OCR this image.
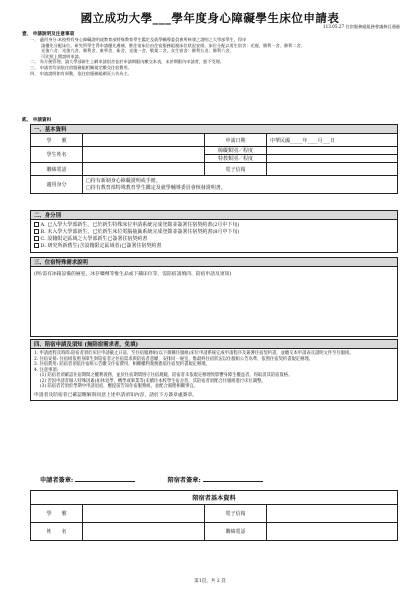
國立成功大學___學年度身心障礙學生床位申請表
113.05.27 住宿服務組組務會議修訂通過
壹、 申請說明及注意事項

一、 適用身分:本校特有身心障礙證明或教育部特殊教育學生鑑定及就學輔導委員會所核發之證明之大學部學生，得申

請優先分配床位。研究所學生得申請優先遴補，惟住宿床位由住宿服務組視床位狀況安排，床位分配以男生宿舍：光復、勝利一舍、勝利二舍、

光復六舍、光復九舍、勝利舍、東寧舍、新舍、光復一舍、敬業二舍，女生宿舍：勝利五舍、勝利六舍、

可比照上開說明申請。

二、 為方便管理，請大學部新生上網申請宿舍並於申請期限內繳交本表，未於期限內申請者，恕不受理。

三、 申請者均須依住宿服務組相關規定繳交住宿費用。

四、 申請說明如有異動，依住宿服務組網頁公告為主。

貳、 申請資料
一、基本資料			
學　　號		申請日期	中華民國_____年____月___日
學生姓名		障礙類別／程度	
		特教類別／程度	
聯絡電話		電子信箱	
適用身分	□持有新制身心障礙證明或手冊。
□持有教育部特殊教育學生鑑定及就學輔導委員會核發證明書。		
二、身分別

A. 已入學大學部新生，已於新生特殊床位申請系統完成登錄並簽署住宿契約書(2月中下旬)
B. 未入學大學部新生，已於新生床位電腦抽籤系統完成登錄並簽署住宿契約書(8月中下旬)
C. 設籍限定區域之大學部新生已簽署住宿契約書
D. 研究所新舊生(含設籍限定區域者)已簽署住宿契約書
三、住宿特殊需求說明
(例:需有冰箱設備的寢室，冰存藥劑等惟生品或下鋪床位等，需陪宿請填四、陪宿申請及須知)
四、陪宿申請及須知 (無陪宿需求者，免填)

1. 申請流程及時間:陪宿者須於床位申請截止日前，至住宿服務組(以下簡稱住服組)床位申請系統完成申請程序及簽署住宿契約書，並繳交本申請表及證明文件至住服組。
2. 住宿安排: 住宿組依照身障生與陪宿者之住宿需求與陪宿者意願，安排同一寢室，惟最終住宿狀況以住服組公告為準，依照住宿契約書規定辦理。
3. 住宿費用: 陪宿者須依住宿組公告繳交住宿費用，相關權利義務悉依住宿契約書規定辦理。
4. 注意事項:
(1) 陪宿者須確認住宿期間之權利義務，並於住宿期間恪守住宿規範，陪宿者未依規定辦理致影響身障生權益者，得取消其陪宿資格。
(2) 若因申請者個人特殊因素(如休退學、轉學或畢業等)未續住本校學生宿舍者，其陪宿者須配合住服組進行床位調整。
(3) 陪宿者若須於學期中申請退宿，應提前告知住宿服務組，並配合處理相關事宜。
申請者及陪宿者已確認瞭解與同意上述申請須知內容，請於下方簽章處簽章。
申請者簽章:	陪宿者簽章:
陪宿者基本資料			
學　　號		電子信箱	
姓　　名		聯絡電話	
第1頁，共 2 頁
